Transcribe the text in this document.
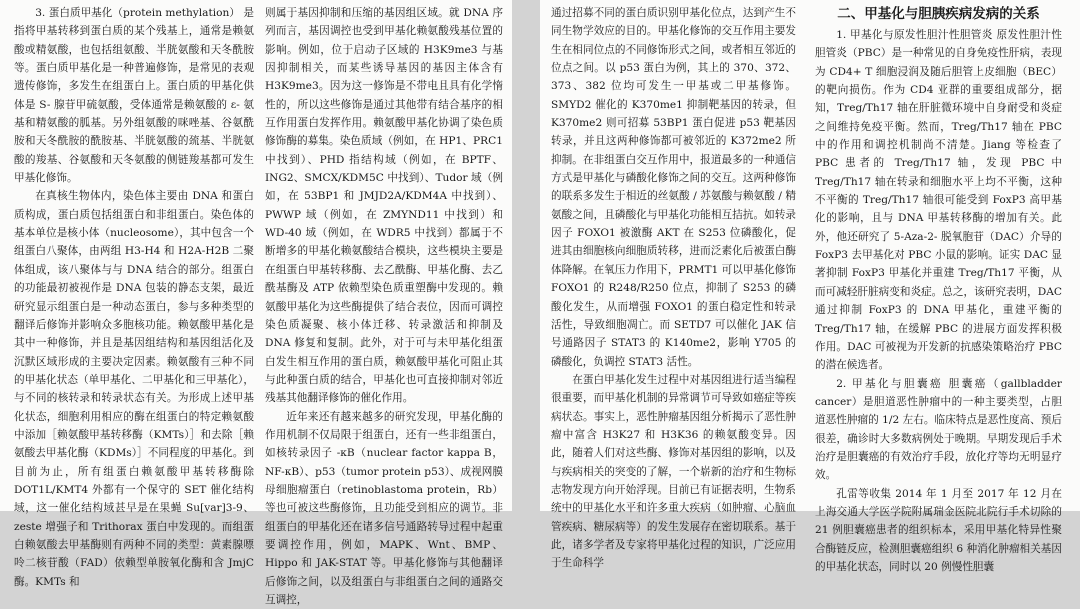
3. 蛋白质甲基化（protein methylation） 是指将甲基转移到蛋白质的某个残基上，通常是赖氨酸或精氨酸，也包括组氨酸、半胱氨酸和天冬酰胺等。蛋白质甲基化是一种普遍修饰，是常见的表观遗传修饰，多发生在组蛋白上。蛋白质的甲基化供体是 S- 腺苷甲硫氨酸，受体通常是赖氨酸的 ε- 氨基和精氨酸的胍基。另外组氨酸的咪唑基、谷氨酰胺和天冬酰胺的酰胺基、半胱氨酸的巯基、半胱氨酸的羧基、谷氨酸和天冬氨酸的侧链羧基都可发生甲基化修饰。

在真核生物体内，染色体主要由 DNA 和蛋白质构成，蛋白质包括组蛋白和非组蛋白。染色体的基本单位是核小体（nucleosome），其中包含一个组蛋白八聚体，由两组 H3-H4 和 H2A-H2B 二聚体组成，该八聚体与与 DNA 结合的部分。组蛋白的功能最初被视作是 DNA 包装的静态支架，最近研究显示组蛋白是一种动态蛋白，参与多种类型的翻译后修饰并影响众多胞核功能。赖氨酸甲基化是其中一种修饰，并且是基因组结构和基因组活化及沉默区域形成的主要决定因素。赖氨酸有三种不同的甲基化状态（单甲基化、二甲基化和三甲基化），与不同的核转录和转录状态有关。为形成上述甲基化状态，细胞利用相应的酶在组蛋白的特定赖氨酸中添加［赖氨酸甲基转移酶（KMTs）］和去除［赖氨酸去甲基化酶（KDMs）］不同程度的甲基化。到目前为止，所有组蛋白赖氨酸甲基转移酶除 DOT1L/KMT4 外都有一个保守的 SET 催化结构域，这一催化结构域甚早是在果蝇 Su[var]3-9、zeste 增强子和 Trithorax 蛋白中发现的。而组蛋白赖氨酸去甲基酶则有两种不同的类型：黄素腺嘌呤二核苷酸（FAD）依赖型单胺氧化酶和含 JmjC 酶。KMTs 和

则属于基因抑制和压缩的基因组区域。就 DNA 序列而言，基因调控也受到甲基化赖氨酸残基位置的影响。例如，位于启动子区域的 H3K9me3 与基因抑制相关，而某些诱导基因的基因主体含有 H3K9me3。因为这一修饰是不带电且具有化学惰性的，所以这些修饰是通过其他带有结合基序的相互作用蛋白发挥作用。赖氨酸甲基化协调了染色质修饰酶的募集。染色质域（例如，在 HP1、PRC1 中找到）、PHD 指结构域（例如，在 BPTF、ING2、SMCX/KDM5C 中找到）、Tudor 域（例如，在 53BP1 和 JMJD2A/KDM4A 中找到）、PWWP 域（例如，在 ZMYND11 中找到）和 WD-40 域（例如，在 WDR5 中找到）都属于不断增多的甲基化赖氨酸结合模块，这些模块主要是在组蛋白甲基转移酶、去乙酰酶、甲基化酶、去乙酰基酶及 ATP 依赖型染色质重塑酶中发现的。赖氨酸甲基化为这些酶提供了结合表位，因而可调控染色质凝聚、核小体迁移、转录激活和抑制及 DNA 修复和复制。此外，对于可与未甲基化组蛋白发生相互作用的蛋白质，赖氨酸甲基化可阻止其与此种蛋白质的结合，甲基化也可直接抑制对邻近残基其他翻译修饰的催化作用。

近年来还有越来越多的研究发现，甲基化酶的作用机制不仅局限于组蛋白，还有一些非组蛋白，如核转录因子 -κB（nuclear factor kappa B，NF-κB）、p53（tumor protein p53）、成视网膜母细胞瘤蛋白（retinoblastoma protein，Rb）等也可被这些酶修饰，且功能受到相应的调节。非组蛋白的甲基化还在诸多信号通路转导过程中起重要调控作用，例如，MAPK、Wnt、BMP、Hippo 和 JAK-STAT 等。甲基化修饰与其他翻译后修饰之间，以及组蛋白与非组蛋白之间的通路交互调控，

通过招募不同的蛋白质识别甲基化位点，达到产生不同生物学效应的目的。甲基化修饰的交互作用主要发生在相同位点的不同修饰形式之间，或者相互邻近的位点之间。以 p53 蛋白为例，其上的 370、372、373、382 位均可发生一甲基或二甲基修饰。SMYD2 催化的 K370me1 抑制靶基因的转录，但 K370me2 则可招募 53BP1 蛋白促进 p53 靶基因转录，并且这两种修饰都可被邻近的 K372me2 所抑制。在非组蛋白交互作用中，报道最多的一种通信方式是甲基化与磷酸化修饰之间的交互。这两种修饰的联系多发生于相近的丝氨酸 / 苏氨酸与赖氨酸 / 精氨酸之间，且磷酸化与甲基化功能相互拮抗。如转录因子 FOXO1 被激酶 AKT 在 S253 位磷酸化，促进其由细胞核向细胞质转移，进而泛素化后被蛋白酶体降解。在氧压力作用下，PRMT1 可以甲基化修饰 FOXO1 的 R248/R250 位点，抑制了 S253 的磷酸化发生，从而增强 FOXO1 的蛋白稳定性和转录活性，导致细胞凋亡。而 SETD7 可以催化 JAK 信号通路因子 STAT3 的 K140me2，影响 Y705 的磷酸化，负调控 STAT3 活性。

在蛋白甲基化发生过程中对基因组进行适当编程很重要，而甲基化机制的异常调节可导致如癌症等疾病状态。事实上，恶性肿瘤基因组分析揭示了恶性肿瘤中富含 H3K27 和 H3K36 的赖氨酸变异。因此，随着人们对这些酶、修饰对基因组的影响，以及与疾病相关的突变的了解，一个崭新的治疗和生物标志物发现方向开始浮现。目前已有证据表明，生物系统中的甲基化水平和许多重大疾病（如肿瘤、心脑血管疾病、糖尿病等）的发生发展存在密切联系。基于此，诸多学者及专家将甲基化过程的知识，广泛应用于生命科学

二、甲基化与胆胰疾病发病的关系

1. 甲基化与原发性胆汁性胆管炎 原发性胆汁性胆管炎（PBC）是一种常见的自身免疫性肝病，表现为 CD4+ T 细胞浸润及随后胆管上皮细胞（BEC）的靶向损伤。作为 CD4 亚群的重要组成部分，据知，Treg/Th17 轴在肝脏微环境中自身耐受和炎症之间维持免疫平衡。然而，Treg/Th17 轴在 PBC 中的作用和调控机制尚不清楚。Jiang 等检查了 PBC 患者的 Treg/Th17 轴，发现 PBC 中 Treg/Th17 轴在转录和细胞水平上均不平衡，这种不平衡的 Treg/Th17 轴很可能受到 FoxP3 高甲基化的影响，且与 DNA 甲基转移酶的增加有关。此外，他还研究了 5-Aza-2- 脱氧胞苷（DAC）介导的 FoxP3 去甲基化对 PBC 小鼠的影响。证实 DAC 显著抑制 FoxP3 甲基化并重建 Treg/Th17 平衡，从而可减轻肝脏病变和炎症。总之，该研究表明，DAC 通过抑制 FoxP3 的 DNA 甲基化，重建平衡的 Treg/Th17 轴，在缓解 PBC 的进展方面发挥积极作用。DAC 可被视为开发新的抗感染策略治疗 PBC 的潜在候选者。

2. 甲基化与胆囊癌 胆囊癌（gallbladder cancer）是胆道恶性肿瘤中的一种主要类型，占胆道恶性肿瘤的 1/2 左右。临床特点是恶性度高、预后很差，确诊时大多数病例处于晚期。早期发现后手术治疗是胆囊癌的有效治疗手段，放化疗等均无明显疗效。

孔雷等收集 2014 年 1 月至 2017 年 12 月在上海交通大学医学院附属瑞金医院北院行手术切除的 21 例胆囊癌患者的组织标本，采用甲基化特异性聚合酶链反应，检测胆囊癌组织 6 种消化肿瘤相关基因的甲基化状态，同时以 20 例慢性胆囊
